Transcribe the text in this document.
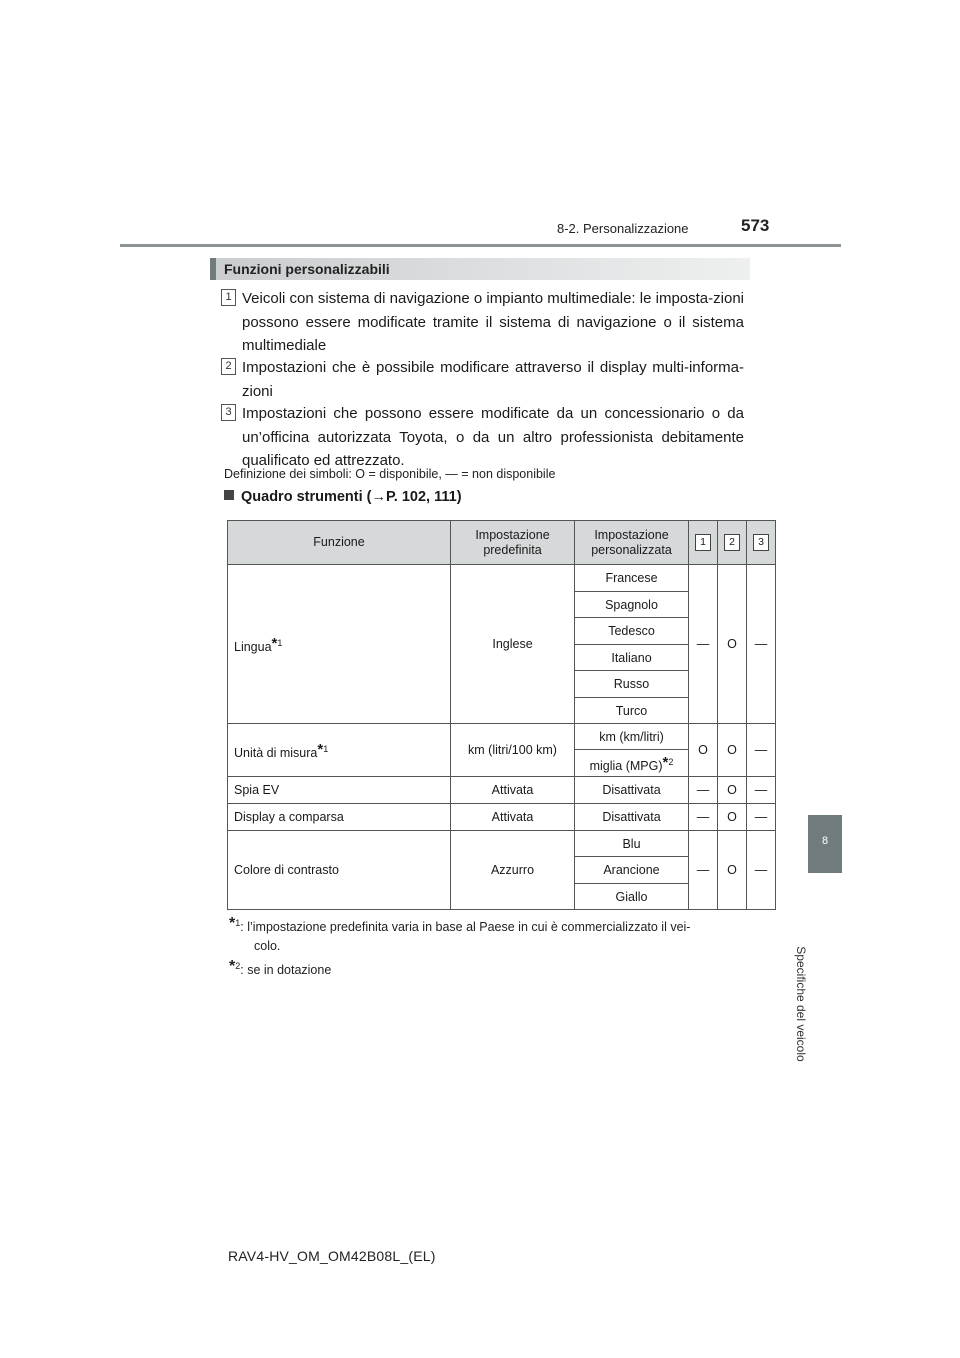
8-2. Personalizzazione	573
8
Specifiche del veicolo
Funzioni personalizzabili
1 Veicoli con sistema di navigazione o impianto multimediale: le imposta-zioni possono essere modificate tramite il sistema di navigazione o il sistema multimediale
2 Impostazioni che è possibile modificare attraverso il display multi-informa-zioni
3 Impostazioni che possono essere modificate da un concessionario o da un’officina autorizzata Toyota, o da un altro professionista debitamente qualificato ed attrezzato.
Definizione dei simboli: O = disponibile, — = non disponibile
Quadro strumenti (→P. 102, 111)
Funzione	Impostazione predefinita	Impostazione personalizzata	1	2	3

Lingua*$^1$	Inglese	Francese	—	O	—
		Spagnolo			
		Tedesco			
		Italiano			
		Russo			
		Turco			
Unità di misura*$^1$	km (litri/100 km)	km (km/litri)	O	O	—
		miglia (MPG)*$^2$
Spia EV	Attivata	Disattivata	—	O	—
Display a comparsa	Attivata	Disattivata	—	O	—
Colore di contrasto	Azzurro	Blu	—	O	—
		Arancione			
		Giallo			
*$^1$: l’impostazione predefinita varia in base al Paese in cui è commercializzato il vei-
colo.
*$^2$: se in dotazione
RAV4-HV_OM_OM42B08L_(EL)
